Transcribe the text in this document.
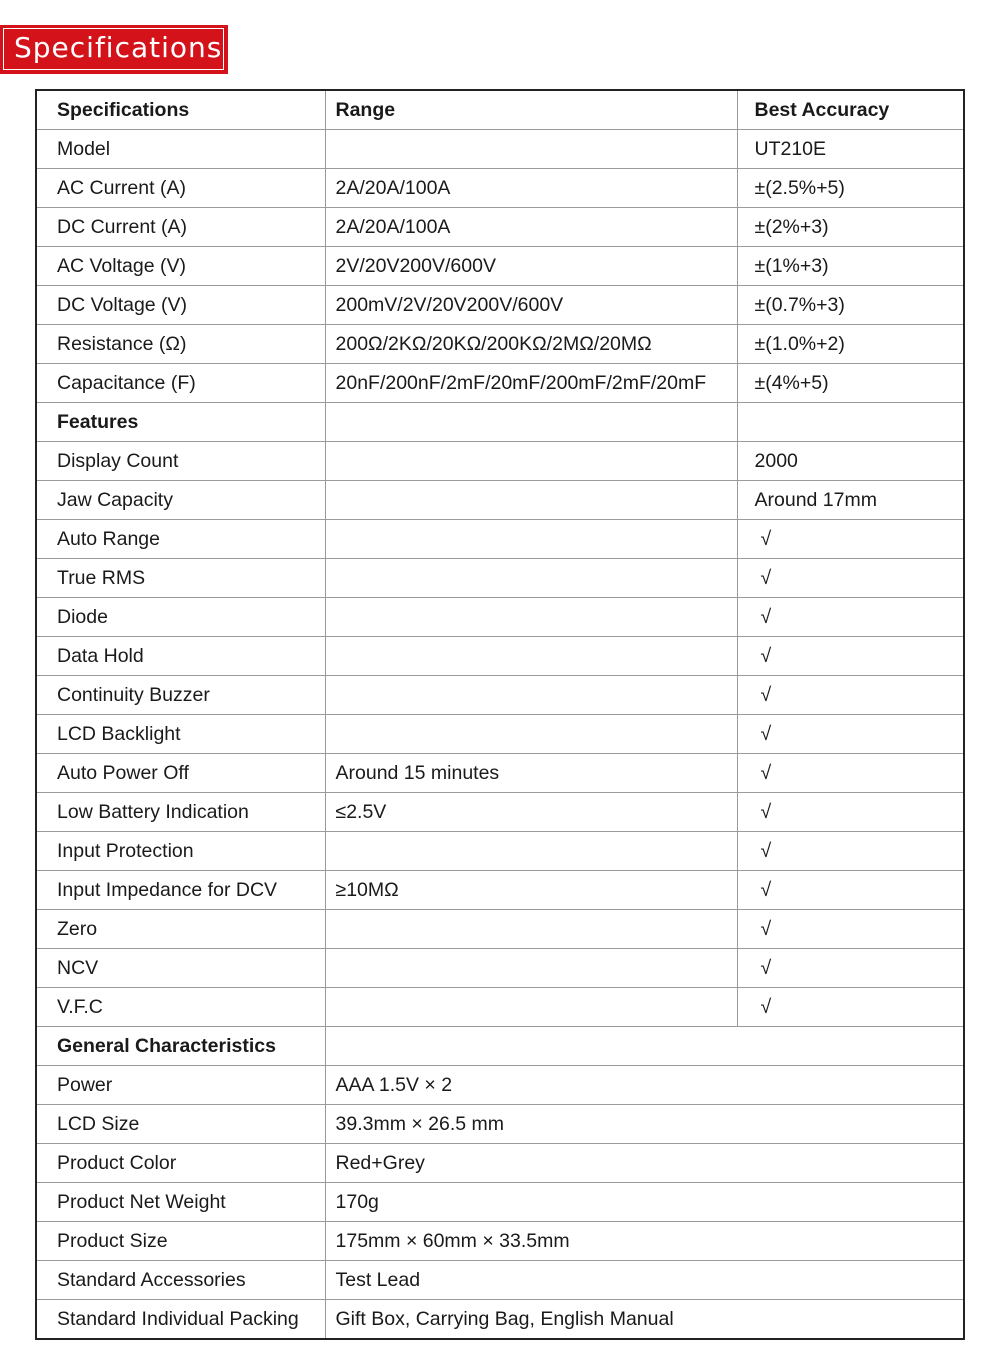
Specifications
Specifications	Range	Best Accuracy
Model		UT210E
AC Current (A)	2A/20A/100A	±(2.5%+5)
DC Current (A)	2A/20A/100A	±(2%+3)
AC Voltage (V)	2V/20V200V/600V	±(1%+3)
DC Voltage (V)	200mV/2V/20V200V/600V	±(0.7%+3)
Resistance (Ω)	200Ω/2KΩ/20KΩ/200KΩ/2MΩ/20MΩ	±(1.0%+2)
Capacitance (F)	20nF/200nF/2mF/20mF/200mF/2mF/20mF	±(4%+5)
Features		
Display Count		2000
Jaw Capacity		Around 17mm
Auto Range		√
True RMS		√
Diode		√
Data Hold		√
Continuity Buzzer		√
LCD Backlight		√
Auto Power Off	Around 15 minutes	√
Low Battery Indication	≤2.5V	√
Input Protection		√
Input Impedance for DCV	≥10MΩ	√
Zero		√
NCV		√
V.F.C		√
General Characteristics		
Power	AAA 1.5V × 2	
LCD Size	39.3mm × 26.5 mm	
Product Color	Red+Grey	
Product Net Weight	170g	
Product Size	175mm × 60mm × 33.5mm	
Standard Accessories	Test Lead	
Standard Individual Packing	Gift Box, Carrying Bag, English Manual	
